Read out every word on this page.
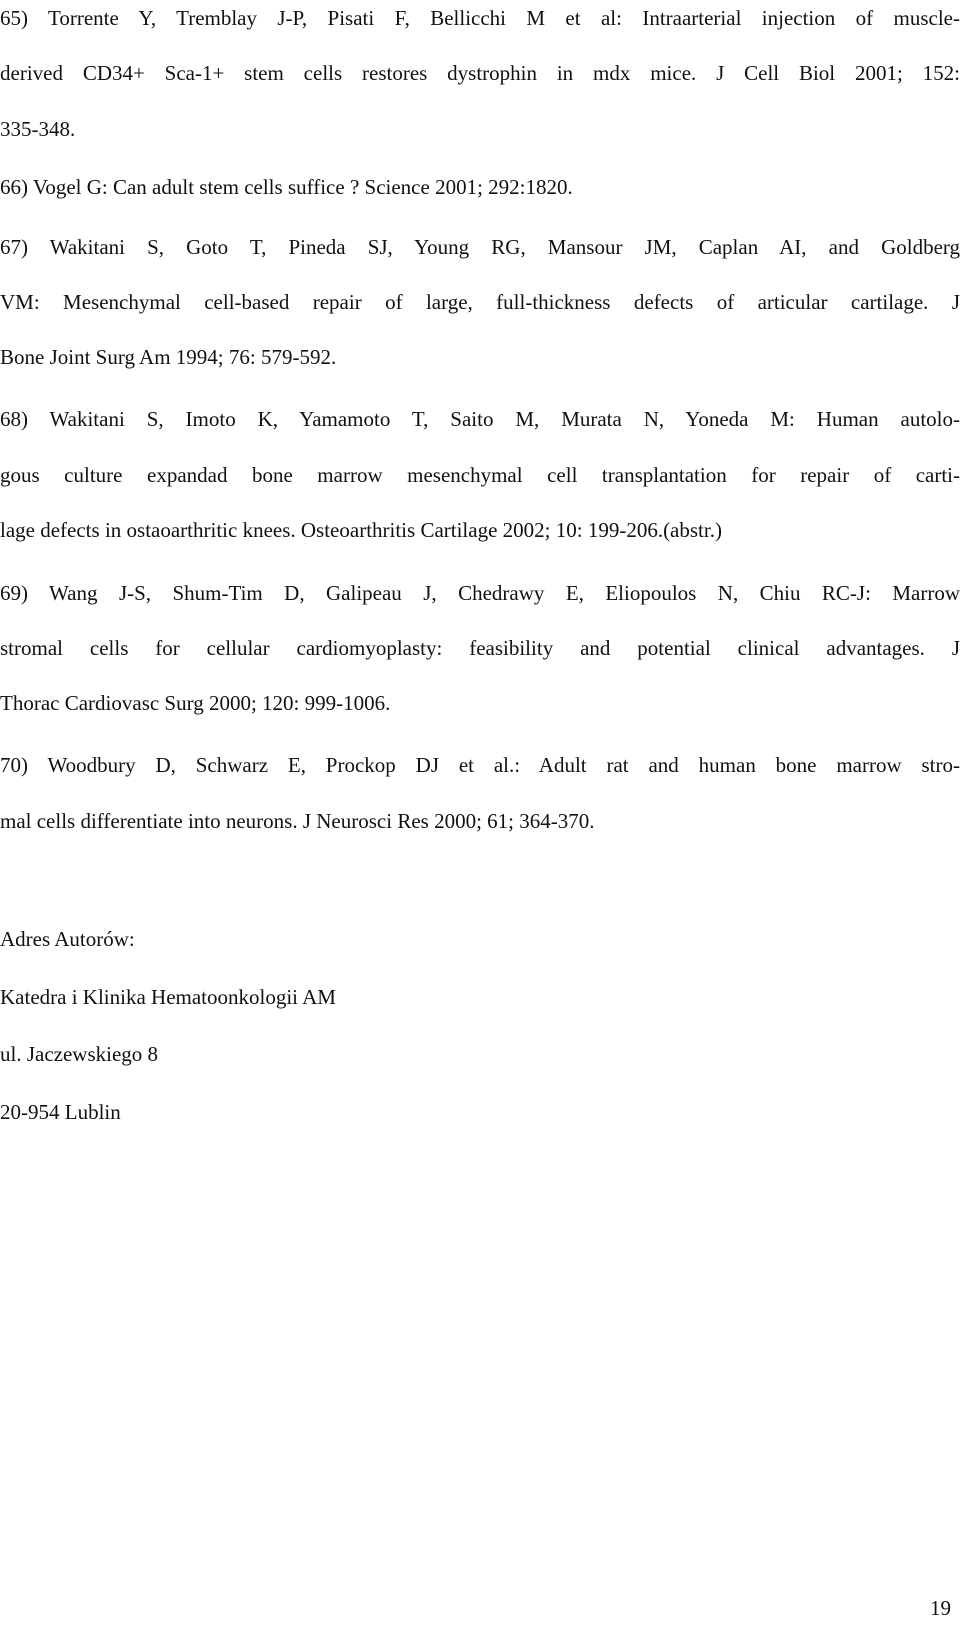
65) Torrente Y, Tremblay J-P, Pisati F, Bellicchi M et al: Intraarterial injection of muscle-
derived CD34+ Sca-1+ stem cells restores dystrophin in mdx mice. J Cell Biol 2001; 152:
335-348.
66) Vogel G: Can adult stem cells suffice ? Science 2001; 292:1820.
67) Wakitani S, Goto T, Pineda SJ, Young RG, Mansour JM, Caplan AI, and Goldberg
VM: Mesenchymal cell-based repair of large, full-thickness defects of articular cartilage. J
Bone Joint Surg Am 1994; 76: 579-592.
68) Wakitani S, Imoto K, Yamamoto T, Saito M, Murata N, Yoneda M: Human autolo-
gous culture expandad bone marrow mesenchymal cell transplantation for repair of carti-
lage defects in ostaoarthritic knees. Osteoarthritis Cartilage 2002; 10: 199-206.(abstr.)
69) Wang J-S, Shum-Tim D, Galipeau J, Chedrawy E, Eliopoulos N, Chiu RC-J: Marrow
stromal cells for cellular cardiomyoplasty: feasibility and potential clinical advantages. J
Thorac Cardiovasc Surg 2000; 120: 999-1006.
70) Woodbury D, Schwarz E, Prockop DJ et al.: Adult rat and human bone marrow stro-
mal cells differentiate into neurons. J Neurosci Res 2000; 61; 364-370.
Adres Autorów:
Katedra i Klinika Hematoonkologii AM
ul. Jaczewskiego 8
20-954 Lublin
19
